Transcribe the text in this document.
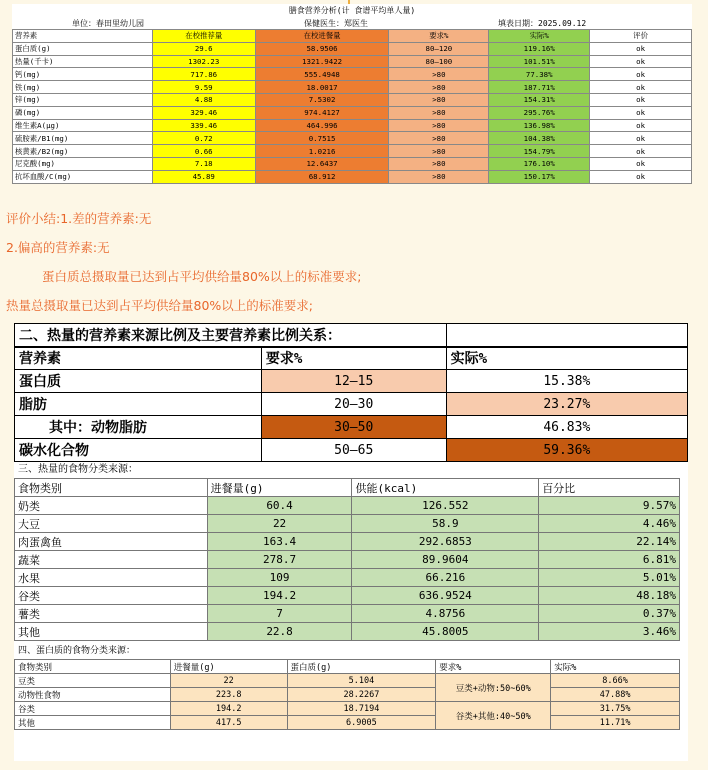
膳食营养分析(计 食谱平均单人量)
单位：春田里幼儿园	保健医生：郑医生	填表日期：2025.09.12
营养素	在校推荐量	在校进餐量	要求%	实际%	评价
蛋白质(g)	29.6	58.9506	80—120	119.16%	ok
热量(千卡)	1302.23	1321.9422	80—100	101.51%	ok
钙(mg)	717.86	555.4948	>80	77.38%	ok
铁(mg)	9.59	18.0017	>80	187.71%	ok
锌(mg)	4.88	7.5302	>80	154.31%	ok
磷(mg)	329.46	974.4127	>80	295.76%	ok
维生素A(μg)	339.46	464.996	>80	136.98%	ok
硫胺素/B1(mg)	0.72	0.7515	>80	104.38%	ok
核黄素/B2(mg)	0.66	1.0216	>80	154.79%	ok
尼克酸(mg)	7.18	12.6437	>80	176.10%	ok
抗坏血酸/C(mg)	45.89	68.912	>80	150.17%	ok
评价小结:1.差的营养素:无
2.偏高的营养素:无
蛋白质总摄取量已达到占平均供给量80%以上的标准要求;
热量总摄取量已达到占平均供给量80%以上的标准要求;
二、热量的营养素来源比例及主要营养素比例关系：		
营养素	要求%	实际%
蛋白质	12—15	15.38%
脂肪	20—30	23.27%
其中：动物脂肪	30—50	46.83%
碳水化合物	50—65	59.36%
三、热量的食物分类来源：
食物类别	进餐量(g)	供能(kcal)	百分比
奶类	60.4	126.552	9.57%
大豆	22	58.9	4.46%
肉蛋禽鱼	163.4	292.6853	22.14%
蔬菜	278.7	89.9604	6.81%
水果	109	66.216	5.01%
谷类	194.2	636.9524	48.18%
薯类	7	4.8756	0.37%
其他	22.8	45.8005	3.46%
四、蛋白质的食物分类来源：
食物类别	进餐量(g)	蛋白质(g)	要求%	实际%
豆类	22	5.104	豆类+动物:50~60%	8.66%
动物性食物	223.8	28.2267		47.88%
谷类	194.2	18.7194	谷类+其他:40~50%	31.75%
其他	417.5	6.9005		11.71%
